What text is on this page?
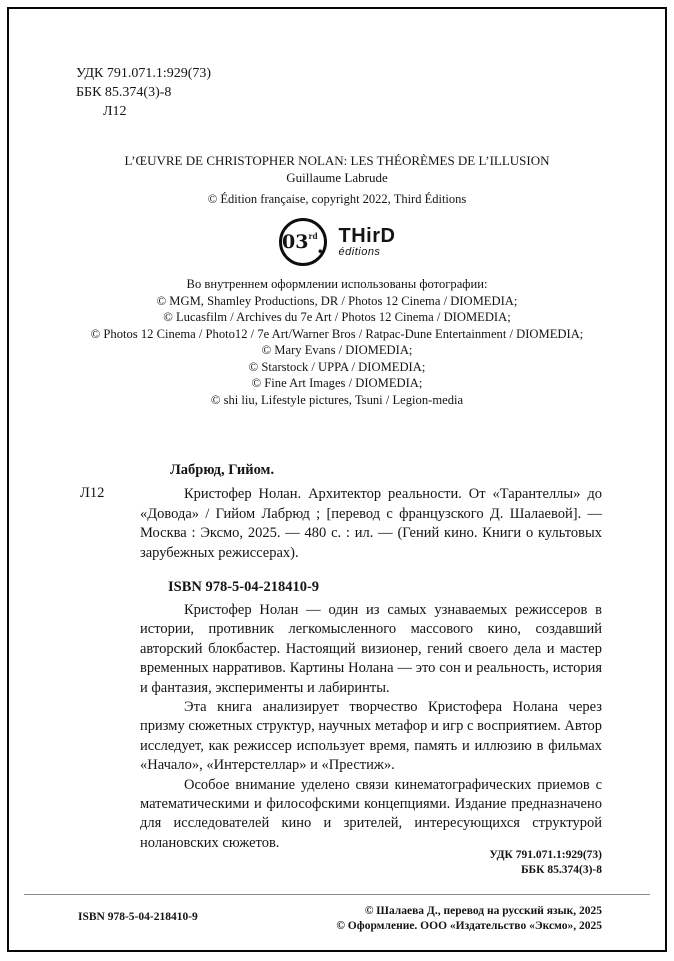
УДК 791.071.1:929(73)
ББК 85.374(3)-8
Л12
L’ŒUVRE DE CHRISTOPHER NOLAN: LES THÉORÈMES DE L’ILLUSION
Guillaume Labrude
© Édition française, copyright 2022, Third Éditions
03 rd . THirD
éditions
Во внутреннем оформлении использованы фотографии:
© MGM, Shamley Productions, DR / Photos 12 Cinema / DIOMEDIA;
© Lucasfilm / Archives du 7e Art / Photos 12 Cinema / DIOMEDIA;
© Photos 12 Cinema / Photo12 / 7e Art/Warner Bros / Ratpac-Dune Entertainment / DIOMEDIA;
© Mary Evans / DIOMEDIA;
© Starstock / UPPA / DIOMEDIA;
© Fine Art Images / DIOMEDIA;
© shi liu, Lifestyle pictures, Tsuni / Legion-media
Лабрюд, Гийом.
Л12	Кристофер Нолан. Архитектор реальности. От «Тарантеллы» до «Довода» / Гийом Лабрюд ; [перевод с французского Д. Шалаевой]. — Москва : Эксмо, 2025. — 480 с. : ил. — (Гений кино. Книги о культовых зарубежных режиссерах).
ISBN 978-5-04-218410-9

Кристофер Нолан — один из самых узнаваемых режиссеров в истории, противник легкомысленного массового кино, создавший авторский блокбастер. Настоящий визионер, гений своего дела и мастер временных нарративов. Картины Нолана — это сон и реальность, история и фантазия, эксперименты и лабиринты.

Эта книга анализирует творчество Кристофера Нолана через призму сюжетных структур, научных метафор и игр с восприятием. Автор исследует, как режиссер использует время, память и иллюзию в фильмах «Начало», «Интерстеллар» и «Престиж».

Особое внимание уделено связи кинематографических приемов с математическими и философскими концепциями. Издание предназначено для исследователей кино и зрителей, интересующихся структурой нолановских сюжетов.

УДК 791.071.1:929(73)
ББК 85.374(3)-8
ISBN 978-5-04-218410-9	© Шалаева Д., перевод на русский язык, 2025
© Оформление. ООО «Издательство «Эксмо», 2025
